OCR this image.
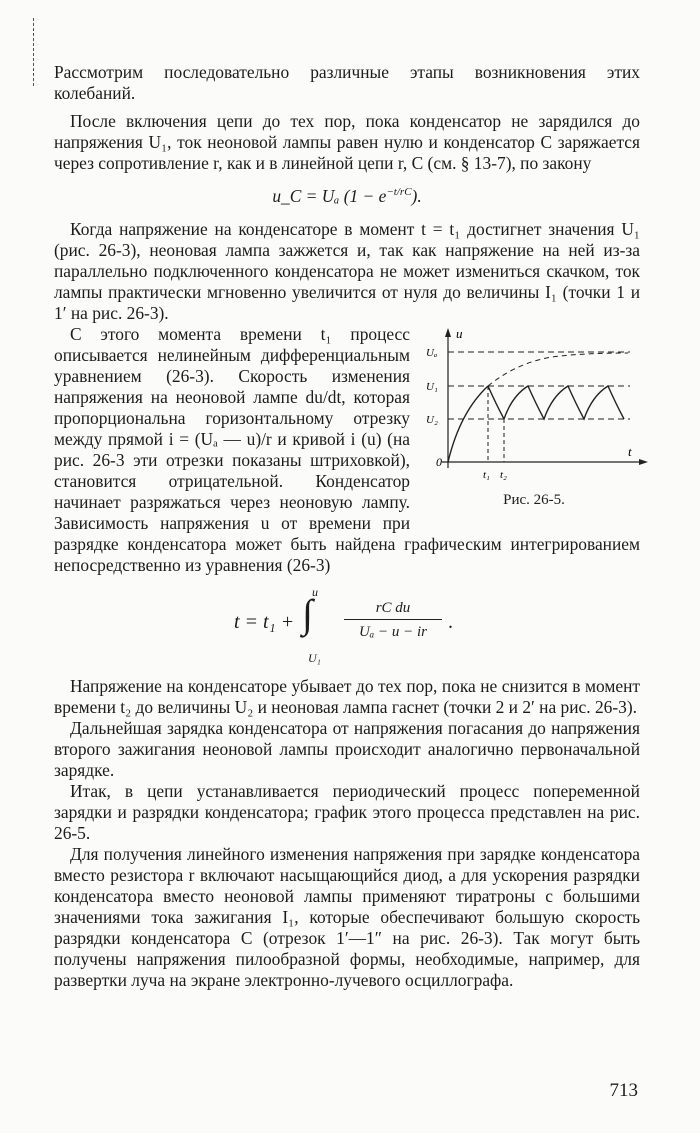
Рассмотрим последовательно различные этапы возникновения этих колебаний.

После включения цепи до тех пор, пока конденсатор не зарядился до напряжения U₁, ток неоновой лампы равен нулю и конденсатор C заряжается через сопротивление r, как и в линейной цепи r, C (см. § 13-7), по закону

u_C = Uₐ $(1 - e^{-t/rC})$.

Когда напряжение на конденсаторе в момент t = t₁ достигнет значения U₁ (рис. 26-3), неоновая лампа зажжется и, так как напряжение на ней из-за параллельно подключенного конденсатора не может измениться скачком, ток лампы практически мгновенно увеличится от нуля до величины I₁ (точки 1 и 1′ на рис. 26-3).

u
t
Uₐ
U₁
U₂
0
t₁ t₂
Рис. 26-5.

С этого момента времени t₁ процесс описывается нелинейным дифференциальным уравнением (26-3). Скорость изменения напряжения на неоновой лампе du/dt, которая пропорциональна горизонтальному отрезку между прямой i = (Uₐ — u)/r и кривой i (u) (на рис. 26-3 эти отрезки показаны штриховкой), становится отрицательной. Конденсатор начинает разряжаться через неоновую лампу. Зависимость напряжения u от времени при разрядке конденсатора может быть найдена графическим интегрированием непосредственно из уравнения (26-3)

t = t₁ +
u
∫
U₁
rC du
Uₐ − u − ir	.

Напряжение на конденсаторе убывает до тех пор, пока не снизится в момент времени t₂ до величины U₂ и неоновая лампа гаснет (точки 2 и 2′ на рис. 26-3).

Дальнейшая зарядка конденсатора от напряжения погасания до напряжения второго зажигания неоновой лампы происходит аналогично первоначальной зарядке.

Итак, в цепи устанавливается периодический процесс попеременной зарядки и разрядки конденсатора; график этого процесса представлен на рис. 26-5.

Для получения линейного изменения напряжения при зарядке конденсатора вместо резистора r включают насыщающийся диод, а для ускорения разрядки конденсатора вместо неоновой лампы применяют тиратроны с большими значениями тока зажигания I₁, которые обеспечивают большую скорость разрядки конденсатора C (отрезок 1′—1″ на рис. 26-3). Так могут быть получены напряжения пилообразной формы, необходимые, например, для развертки луча на экране электронно-лучевого осциллографа.

713
